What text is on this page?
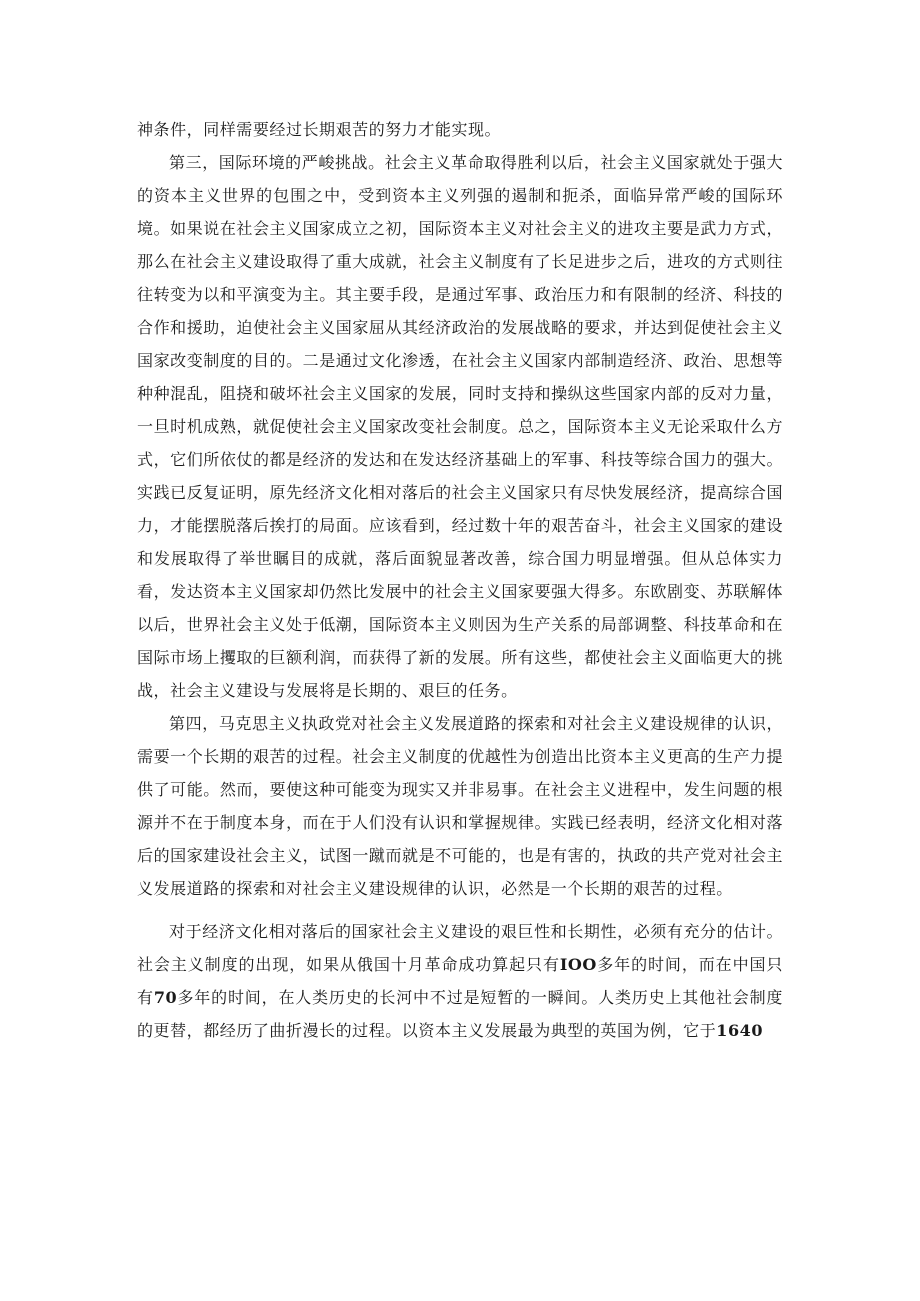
神条件，同样需要经过长期艰苦的努力才能实现。

第三，国际环境的严峻挑战。社会主义革命取得胜利以后，社会主义国家就处于强大的资本主义世界的包围之中，受到资本主义列强的遏制和扼杀，面临异常严峻的国际环境。如果说在社会主义国家成立之初，国际资本主义对社会主义的进攻主要是武力方式，那么在社会主义建设取得了重大成就，社会主义制度有了长足进步之后，进攻的方式则往往转变为以和平演变为主。其主要手段，是通过军事、政治压力和有限制的经济、科技的合作和援助，迫使社会主义国家屈从其经济政治的发展战略的要求，并达到促使社会主义国家改变制度的目的。二是通过文化渗透，在社会主义国家内部制造经济、政治、思想等种种混乱，阻挠和破坏社会主义国家的发展，同时支持和操纵这些国家内部的反对力量，一旦时机成熟，就促使社会主义国家改变社会制度。总之，国际资本主义无论采取什么方式，它们所依仗的都是经济的发达和在发达经济基础上的军事、科技等综合国力的强大。实践已反复证明，原先经济文化相对落后的社会主义国家只有尽快发展经济，提高综合国力，才能摆脱落后挨打的局面。应该看到，经过数十年的艰苦奋斗，社会主义国家的建设和发展取得了举世瞩目的成就，落后面貌显著改善，综合国力明显增强。但从总体实力看，发达资本主义国家却仍然比发展中的社会主义国家要强大得多。东欧剧变、苏联解体以后，世界社会主义处于低潮，国际资本主义则因为生产关系的局部调整、科技革命和在国际市场上攫取的巨额利润，而获得了新的发展。所有这些，都使社会主义面临更大的挑战，社会主义建设与发展将是长期的、艰巨的任务。

第四，马克思主义执政党对社会主义发展道路的探索和对社会主义建设规律的认识，需要一个长期的艰苦的过程。社会主义制度的优越性为创造出比资本主义更高的生产力提供了可能。然而，要使这种可能变为现实又并非易事。在社会主义进程中，发生问题的根源并不在于制度本身，而在于人们没有认识和掌握规律。实践已经表明，经济文化相对落后的国家建设社会主义，试图一蹴而就是不可能的，也是有害的，执政的共产党对社会主义发展道路的探索和对社会主义建设规律的认识，必然是一个长期的艰苦的过程。

对于经济文化相对落后的国家社会主义建设的艰巨性和长期性，必须有充分的估计。社会主义制度的出现，如果从俄国十月革命成功算起只有IOO多年的时间，而在中国只有70多年的时间，在人类历史的长河中不过是短暂的一瞬间。人类历史上其他社会制度的更替，都经历了曲折漫长的过程。以资本主义发展最为典型的英国为例，它于1640
